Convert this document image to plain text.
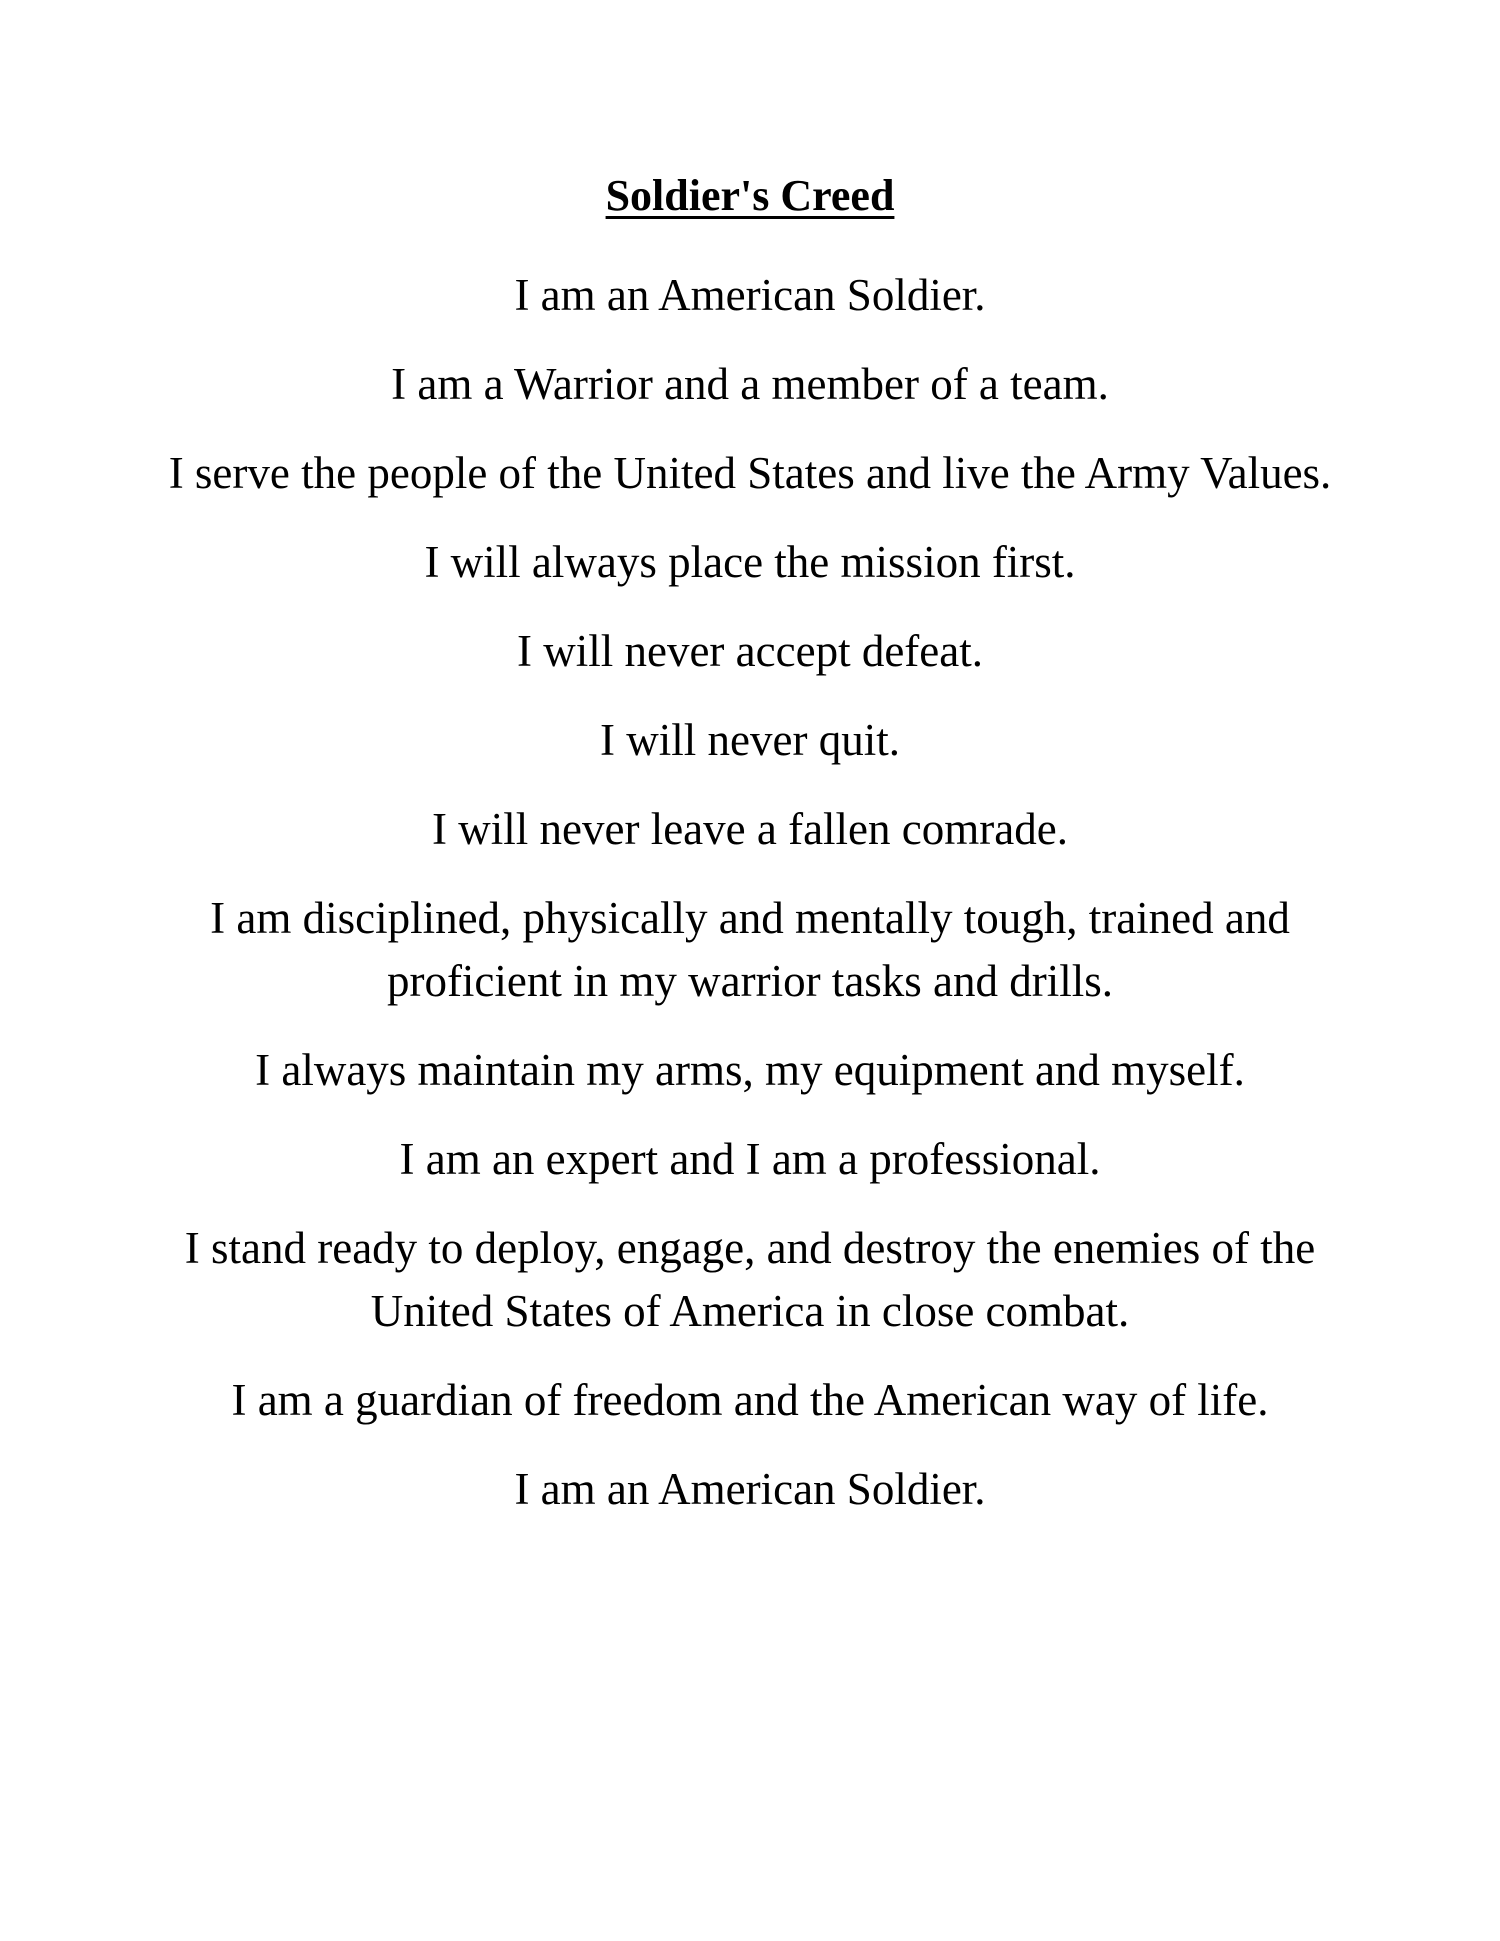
Soldier's Creed
I am an American Soldier.
I am a Warrior and a member of a team.
I serve the people of the United States and live the Army Values.
I will always place the mission first.
I will never accept defeat.
I will never quit.
I will never leave a fallen comrade.
I am disciplined, physically and mentally tough, trained and proficient in my warrior tasks and drills.
I always maintain my arms, my equipment and myself.
I am an expert and I am a professional.
I stand ready to deploy, engage, and destroy the enemies of the United States of America in close combat.
I am a guardian of freedom and the American way of life.
I am an American Soldier.
